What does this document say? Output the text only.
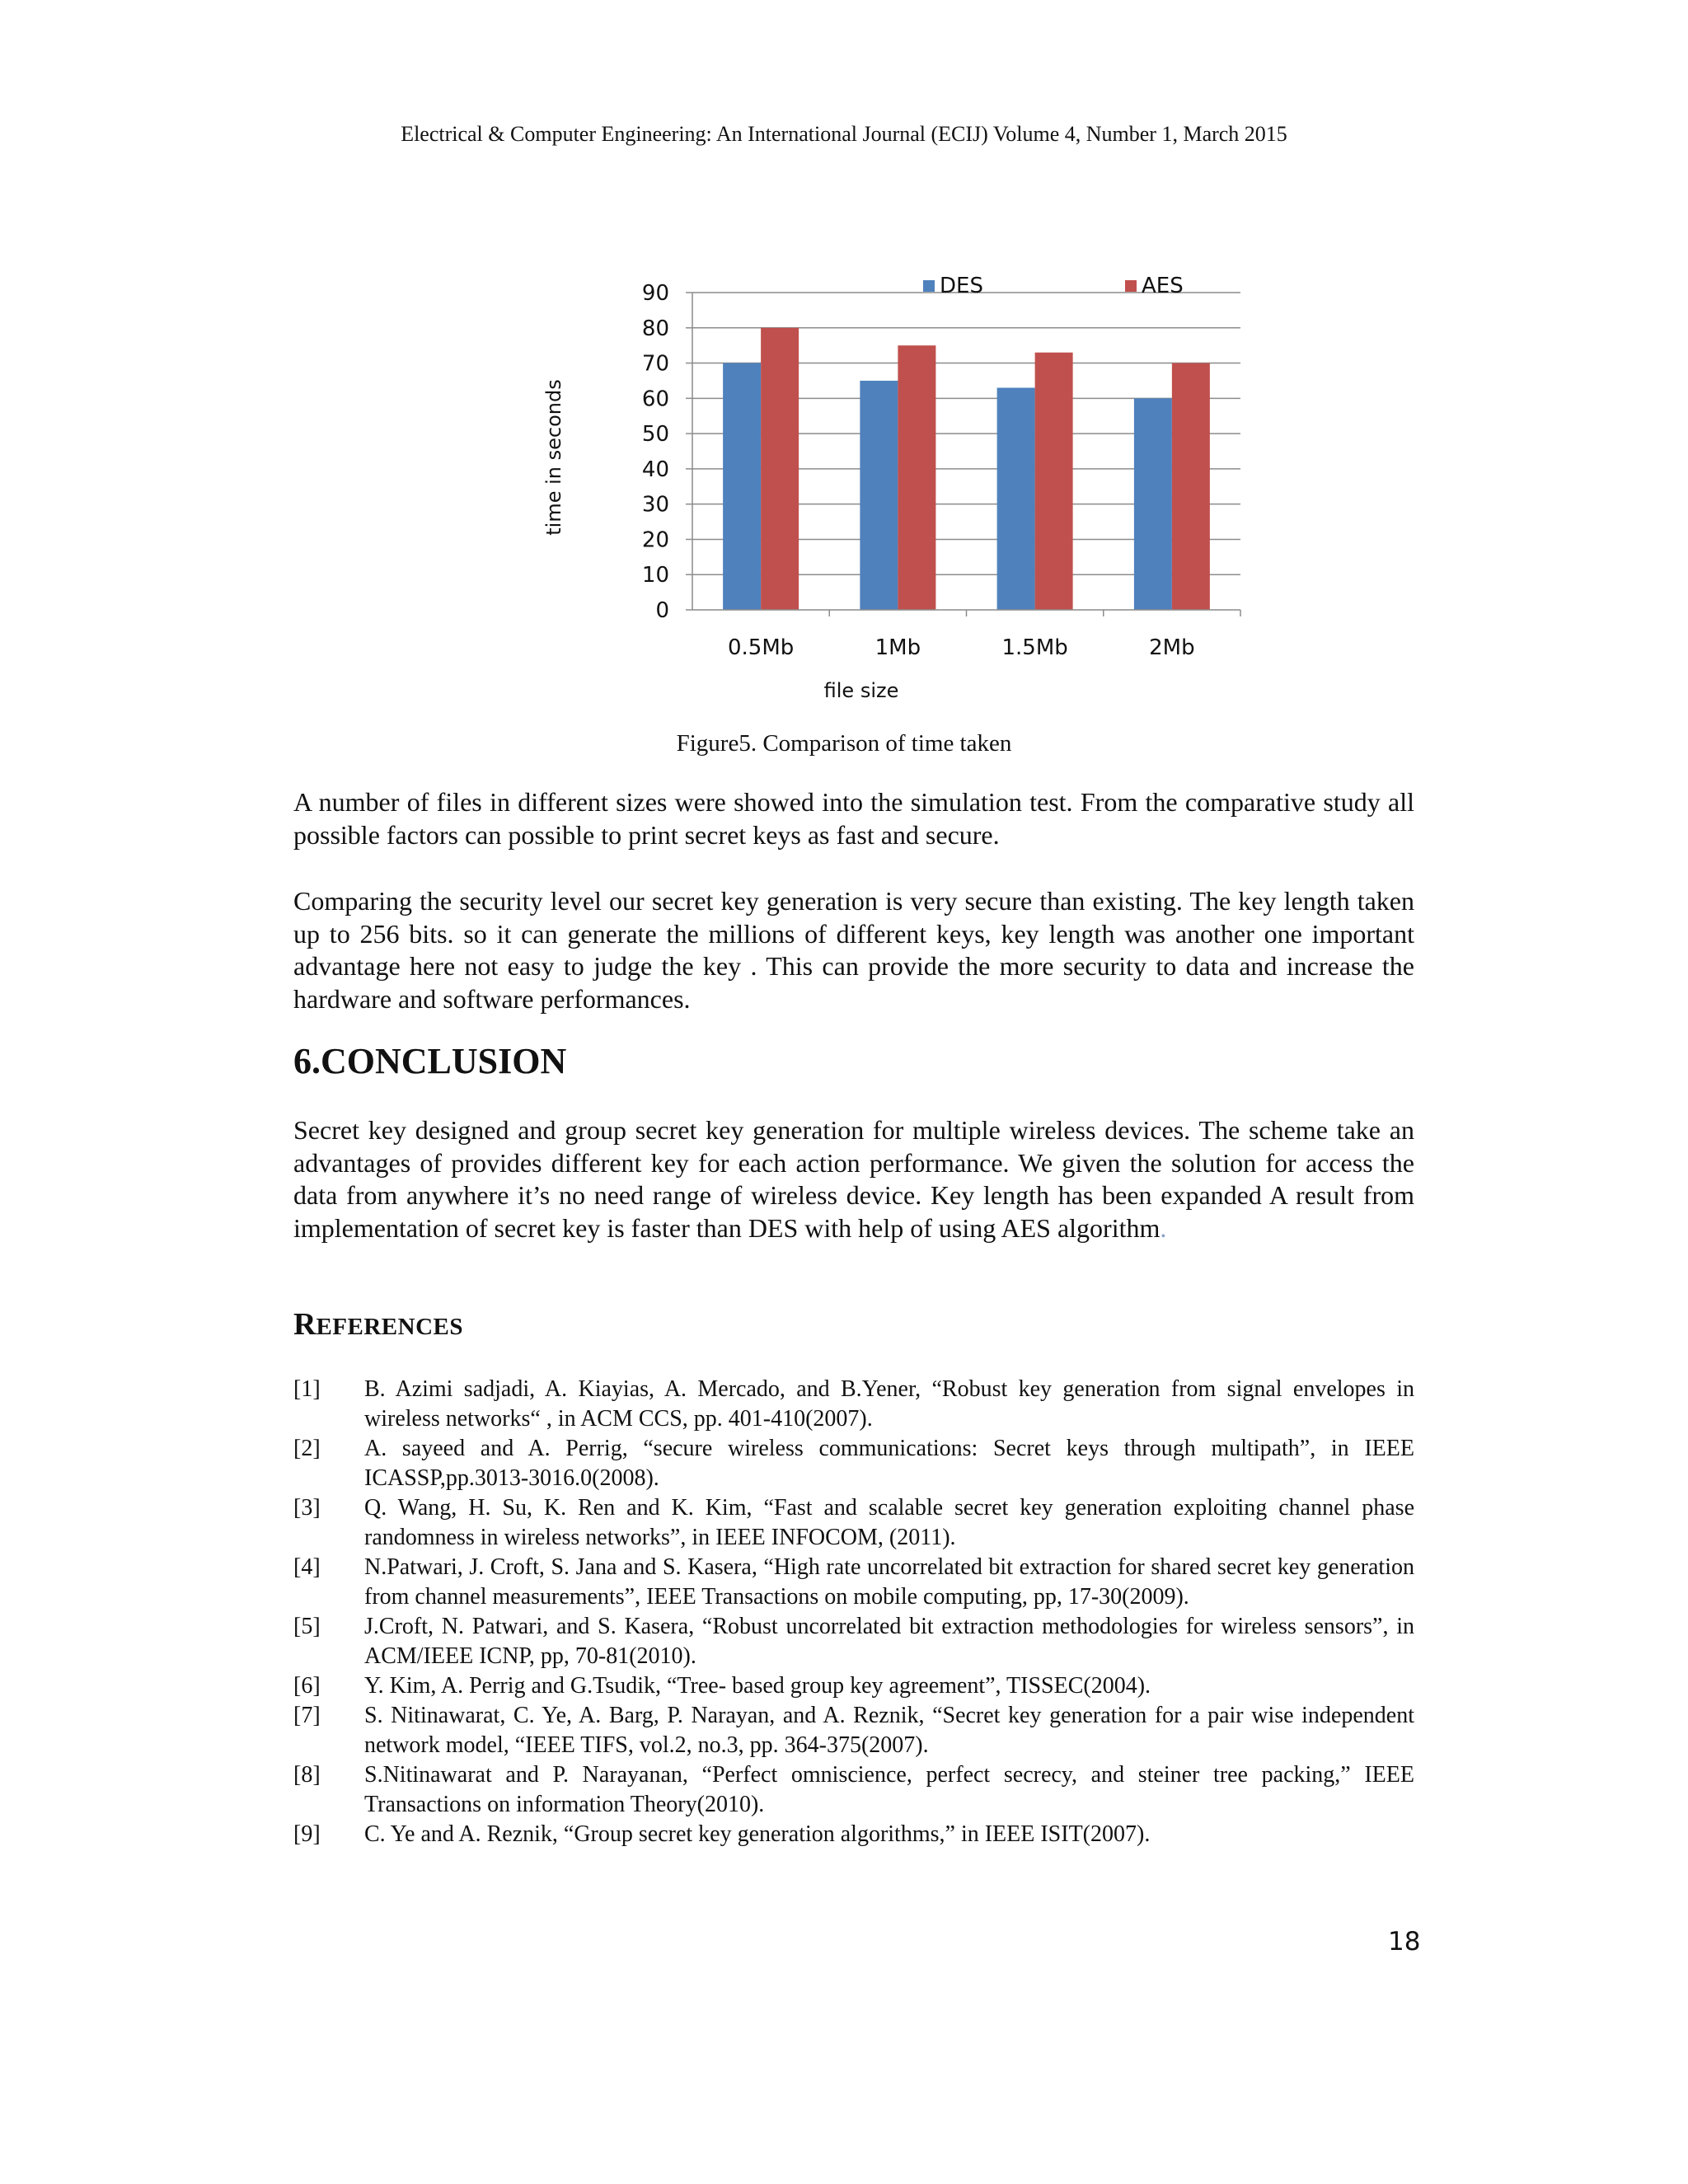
Electrical & Computer Engineering: An International Journal (ECIJ) Volume 4, Number 1, March 2015
0
10
20
30
40
50
60
70
80
90
0.5Mb	1Mb	1.5Mb	2Mb
DES	AES
file size
time in seconds
Figure5. Comparison of time taken

A number of files in different sizes were showed into the simulation test. From the comparative study all possible factors can possible to print secret keys as fast and secure.

Comparing the security level our secret key generation is very secure than existing. The key length taken up to 256 bits. so it can generate the millions of different keys, key length was another one important advantage here not easy to judge the key . This can provide the more security to data and increase the hardware and software performances.

6.CONCLUSION

Secret key designed and group secret key generation for multiple wireless devices. The scheme take an advantages of provides different key for each action performance. We given the solution for access the data from anywhere it’s no need range of wireless device. Key length has been expanded A result from implementation of secret key is faster than DES with help of using AES algorithm.

REFERENCES
[1]	B. Azimi sadjadi, A. Kiayias, A. Mercado, and B.Yener, “Robust key generation from signal envelopes in wireless networks“ , in ACM CCS, pp. 401-410(2007).
[2]	A. sayeed and A. Perrig, “secure wireless communications: Secret keys through multipath”, in IEEE ICASSP,pp.3013-3016.0(2008).
[3]	Q. Wang, H. Su, K. Ren and K. Kim, “Fast and scalable secret key generation exploiting channel phase randomness in wireless networks”, in IEEE INFOCOM, (2011).
[4]	N.Patwari, J. Croft, S. Jana and S. Kasera, “High rate uncorrelated bit extraction for shared secret key generation from channel measurements”, IEEE Transactions on mobile computing, pp, 17-30(2009).
[5]	J.Croft, N. Patwari, and S. Kasera, “Robust uncorrelated bit extraction methodologies for wireless sensors”, in ACM/IEEE ICNP, pp, 70-81(2010).
[6]	Y. Kim, A. Perrig and G.Tsudik, “Tree- based group key agreement”, TISSEC(2004).
[7]	S. Nitinawarat, C. Ye, A. Barg, P. Narayan, and A. Reznik, “Secret key generation for a pair wise independent network model, “IEEE TIFS, vol.2, no.3, pp. 364-375(2007).
[8]	S.Nitinawarat and P. Narayanan, “Perfect omniscience, perfect secrecy, and steiner tree packing,” IEEE Transactions on information Theory(2010).
[9]	C. Ye and A. Reznik, “Group secret key generation algorithms,” in IEEE ISIT(2007).
18
